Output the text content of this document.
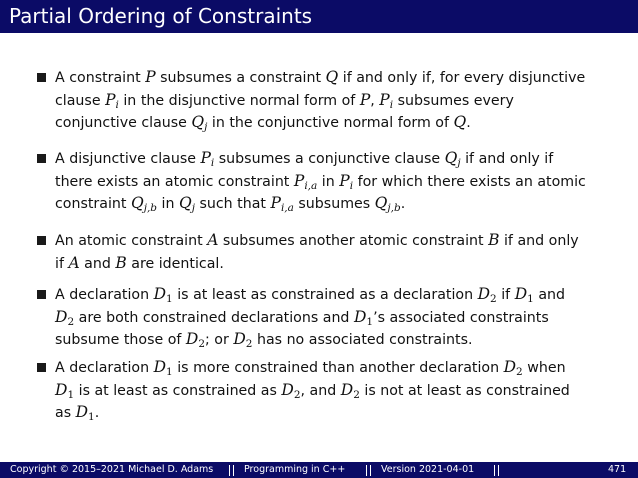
Partial Ordering of Constraints
A constraint P subsumes a constraint Q if and only if, for every disjunctive
clause $P_i$ in the disjunctive normal form of P, $P_i$ subsumes every
conjunctive clause $Q_j$ in the conjunctive normal form of Q.
A disjunctive clause $P_i$ subsumes a conjunctive clause $Q_j$ if and only if
there exists an atomic constraint $P_{i,a}$ in $P_i$ for which there exists an atomic
constraint $Q_{j,b}$ in $Q_j$ such that $P_{i,a}$ subsumes $Q_{j,b}$.
An atomic constraint A subsumes another atomic constraint B if and only
if A and B are identical.
A declaration D1 is at least as constrained as a declaration D2 if D1 and
D2 are both constrained declarations and D1’s associated constraints
subsume those of D2; or D2 has no associated constraints.
A declaration D1 is more constrained than another declaration D2 when
D1 is at least as constrained as D2, and D2 is not at least as constrained
as D1.
Copyright © 2015–2021 Michael D. Adams	Programming in C++	Version 2021-04-01	471
